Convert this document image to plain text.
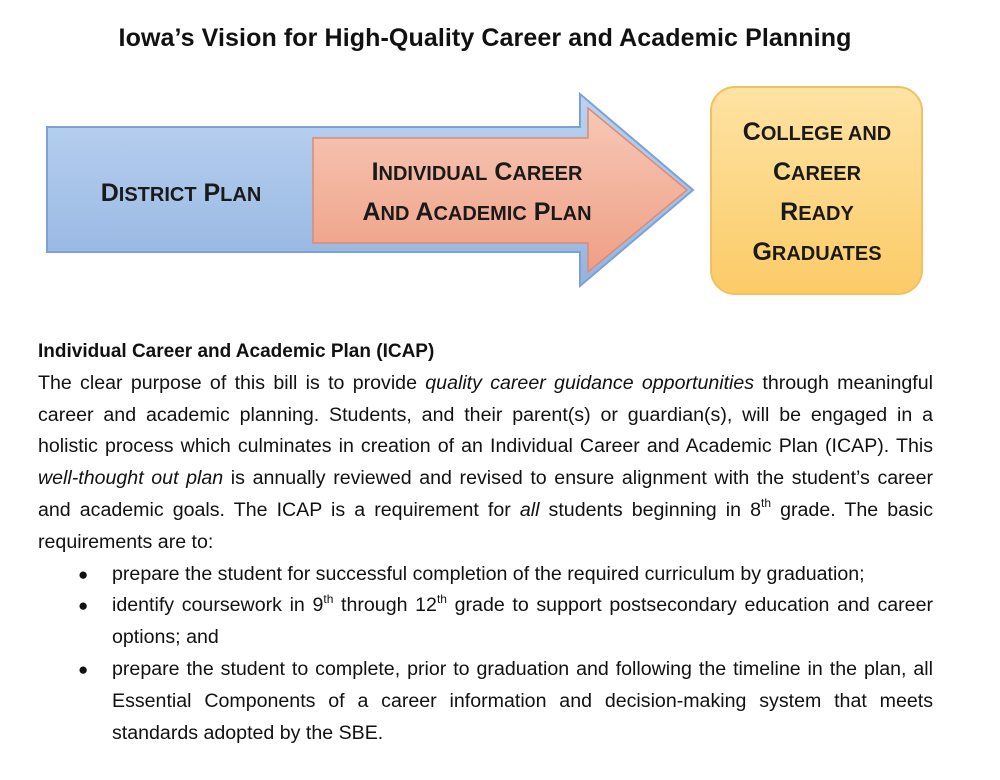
Iowa’s Vision for High-Quality Career and Academic Planning
DISTRICT PLAN
INDIVIDUAL CAREER
AND ACADEMIC PLAN
COLLEGE AND
CAREER
READY
GRADUATES
Individual Career and Academic Plan (ICAP)

The clear purpose of this bill is to provide quality career guidance opportunities through meaningful career and academic planning. Students, and their parent(s) or guardian(s), will be engaged in a holistic process which culminates in creation of an Individual Career and Academic Plan (ICAP). This well-thought out plan is annually reviewed and revised to ensure alignment with the student’s career and academic goals. The ICAP is a requirement for all students beginning in 8th grade. The basic requirements are to:

● prepare the student for successful completion of the required curriculum by graduation;
● identify coursework in 9th through 12th grade to support postsecondary education and career options; and
● prepare the student to complete, prior to graduation and following the timeline in the plan, all Essential Components of a career information and decision-making system that meets standards adopted by the SBE.
